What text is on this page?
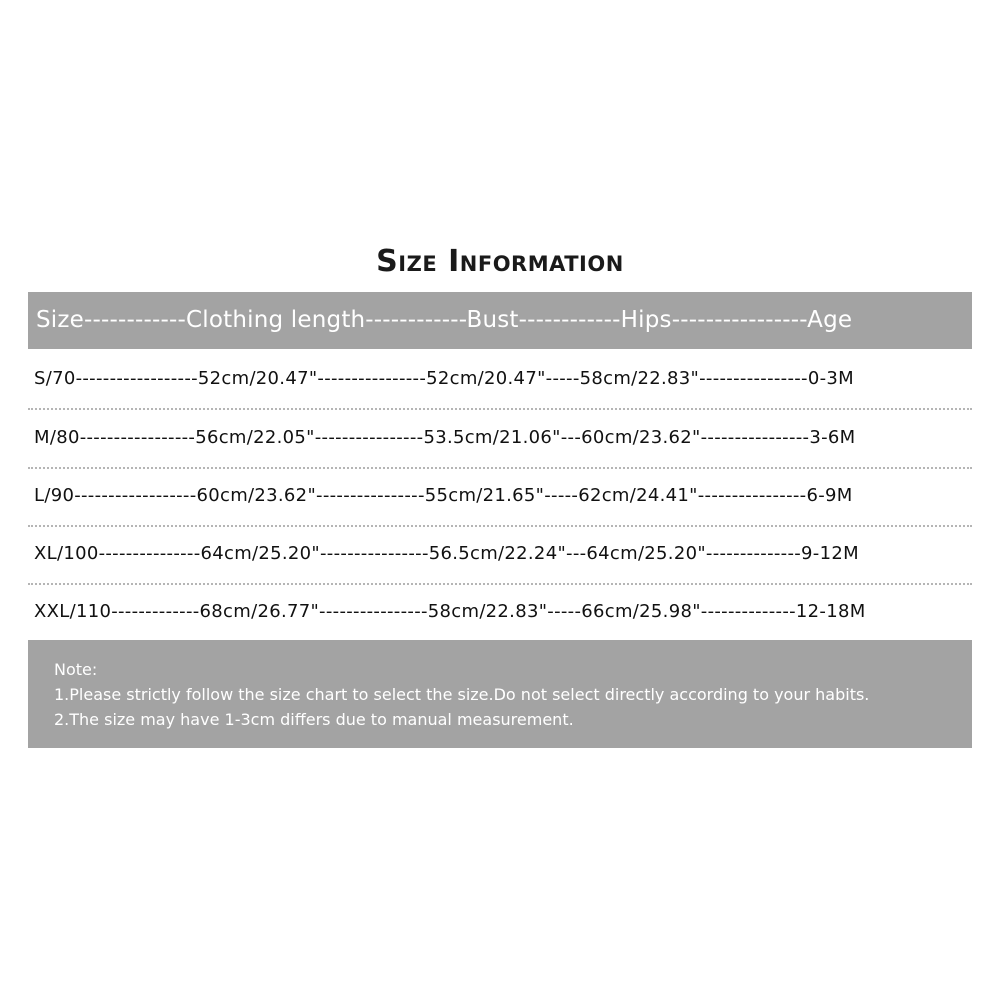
Size Information
Size------------Clothing length------------Bust------------Hips----------------Age
S/70------------------52cm/20.47"----------------52cm/20.47"-----58cm/22.83"----------------0-3M
M/80-----------------56cm/22.05"----------------53.5cm/21.06"---60cm/23.62"----------------3-6M
L/90------------------60cm/23.62"----------------55cm/21.65"-----62cm/24.41"----------------6-9M
XL/100---------------64cm/25.20"----------------56.5cm/22.24"---64cm/25.20"--------------9-12M
XXL/110-------------68cm/26.77"----------------58cm/22.83"-----66cm/25.98"--------------12-18M
Note:
1.Please strictly follow the size chart to select the size.Do not select directly according to your habits.
2.The size may have 1-3cm differs due to manual measurement.
